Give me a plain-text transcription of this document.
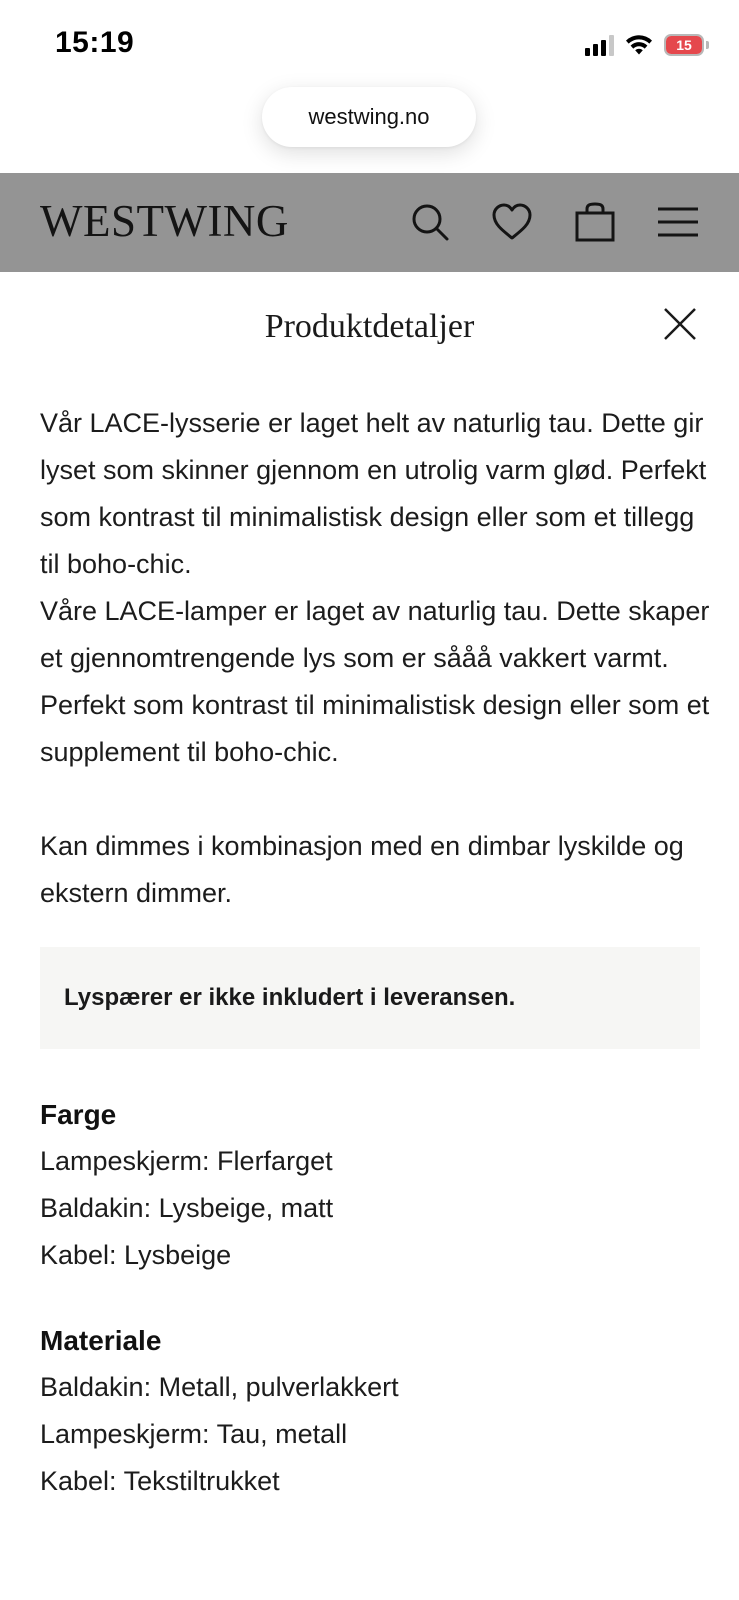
15:19	15
westwing.no
WESTWING
Produktdetaljer

Vår LACE-lysserie er laget helt av naturlig tau. Dette gir lyset som skinner gjennom en utrolig varm glød. Perfekt som kontrast til minimalistisk design eller som et tillegg til boho-chic.

Våre LACE-lamper er laget av naturlig tau. Dette skaper et gjennomtrengende lys som er sååå vakkert varmt. Perfekt som kontrast til minimalistisk design eller som et supplement til boho-chic.

Kan dimmes i kombinasjon med en dimbar lyskilde og ekstern dimmer.

Lyspærer er ikke inkludert i leveransen.
Farge
Lampeskjerm: Flerfarget
Baldakin: Lysbeige, matt
Kabel: Lysbeige
Materiale
Baldakin: Metall, pulverlakkert
Lampeskjerm: Tau, metall
Kabel: Tekstiltrukket
